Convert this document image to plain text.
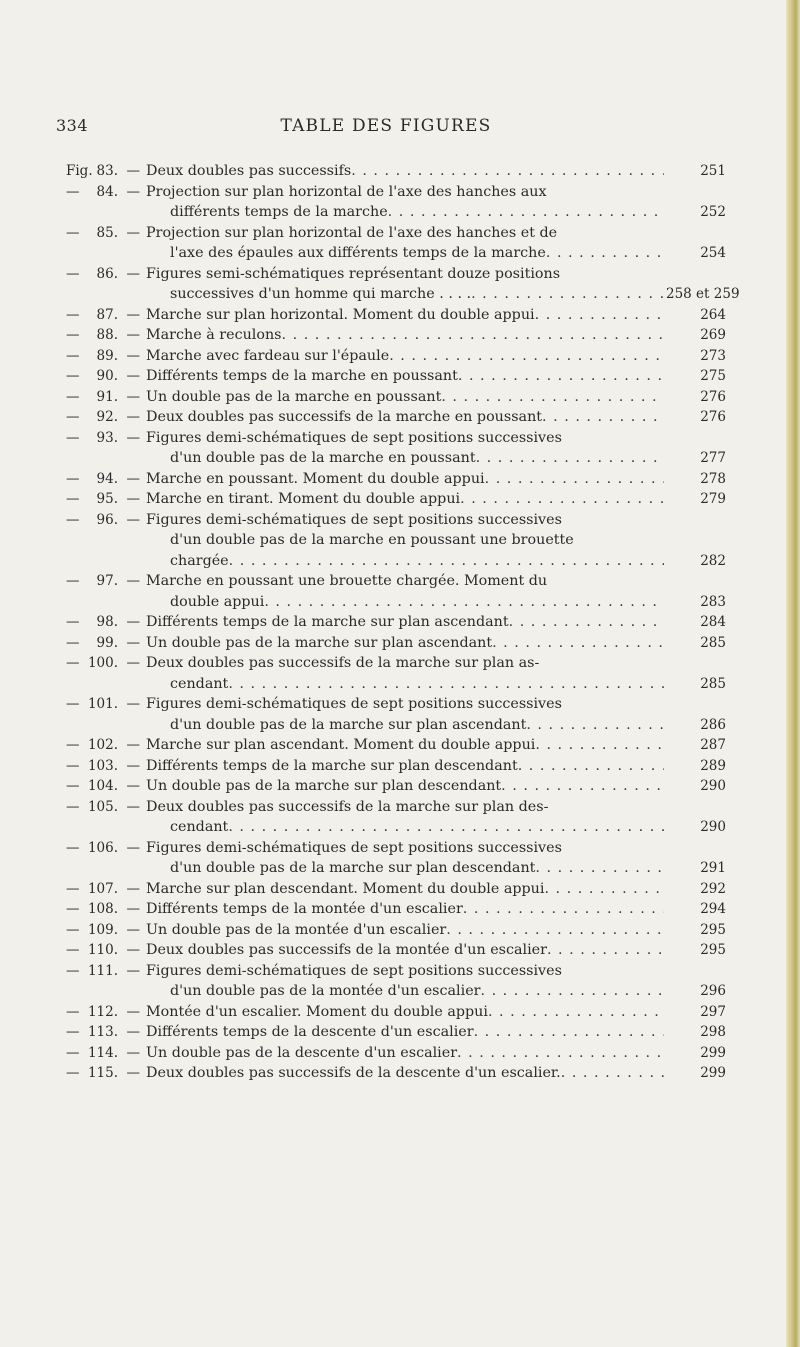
334	TABLE DES FIGURES
Fig. 83. — Deux doubles pas successifs . . .	251
— 84. — Projection sur plan horizontal de l'axe des hanches aux
différents temps de la marche . . .	252
— 85. — Projection sur plan horizontal de l'axe des hanches et de
l'axe des épaules aux différents temps de la marche . . .	254
— 86. — Figures semi-schématiques représentant douze positions
successives d'un homme qui marche . . . . . . .	258 et 259
— 87. — Marche sur plan horizontal. Moment du double appui . . .	264
— 88. — Marche à reculons . . .	269
— 89. — Marche avec fardeau sur l'épaule . . .	273
— 90. — Différents temps de la marche en poussant . . .	275
— 91. — Un double pas de la marche en poussant . . .	276
— 92. — Deux doubles pas successifs de la marche en poussant . . .	276
— 93. — Figures demi-schématiques de sept positions successives
d'un double pas de la marche en poussant . . .	277
— 94. — Marche en poussant. Moment du double appui . . .	278
— 95. — Marche en tirant. Moment du double appui . . .	279
— 96. — Figures demi-schématiques de sept positions successives
d'un double pas de la marche en poussant une brouette
chargée . . .	282
— 97. — Marche en poussant une brouette chargée. Moment du
double appui . . .	283
— 98. — Différents temps de la marche sur plan ascendant . . .	284
— 99. — Un double pas de la marche sur plan ascendant . . .	285
— 100. — Deux doubles pas successifs de la marche sur plan as-
cendant . . .	285
— 101. — Figures demi-schématiques de sept positions successives
d'un double pas de la marche sur plan ascendant . . .	286
— 102. — Marche sur plan ascendant. Moment du double appui . . .	287
— 103. — Différents temps de la marche sur plan descendant . . .	289
— 104. — Un double pas de la marche sur plan descendant . . .	290
— 105. — Deux doubles pas successifs de la marche sur plan des-
cendant . . .	290
— 106. — Figures demi-schématiques de sept positions successives
d'un double pas de la marche sur plan descendant . . .	291
— 107. — Marche sur plan descendant. Moment du double appui . . .	292
— 108. — Différents temps de la montée d'un escalier . . .	294
— 109. — Un double pas de la montée d'un escalier . . .	295
— 110. — Deux doubles pas successifs de la montée d'un escalier . . .	295
— 111. — Figures demi-schématiques de sept positions successives
d'un double pas de la montée d'un escalier . . .	296
— 112. — Montée d'un escalier. Moment du double appui . . .	297
— 113. — Différents temps de la descente d'un escalier . . .	298
— 114. — Un double pas de la descente d'un escalier . . .	299
— 115. — Deux doubles pas successifs de la descente d'un escalier. . . .	299
